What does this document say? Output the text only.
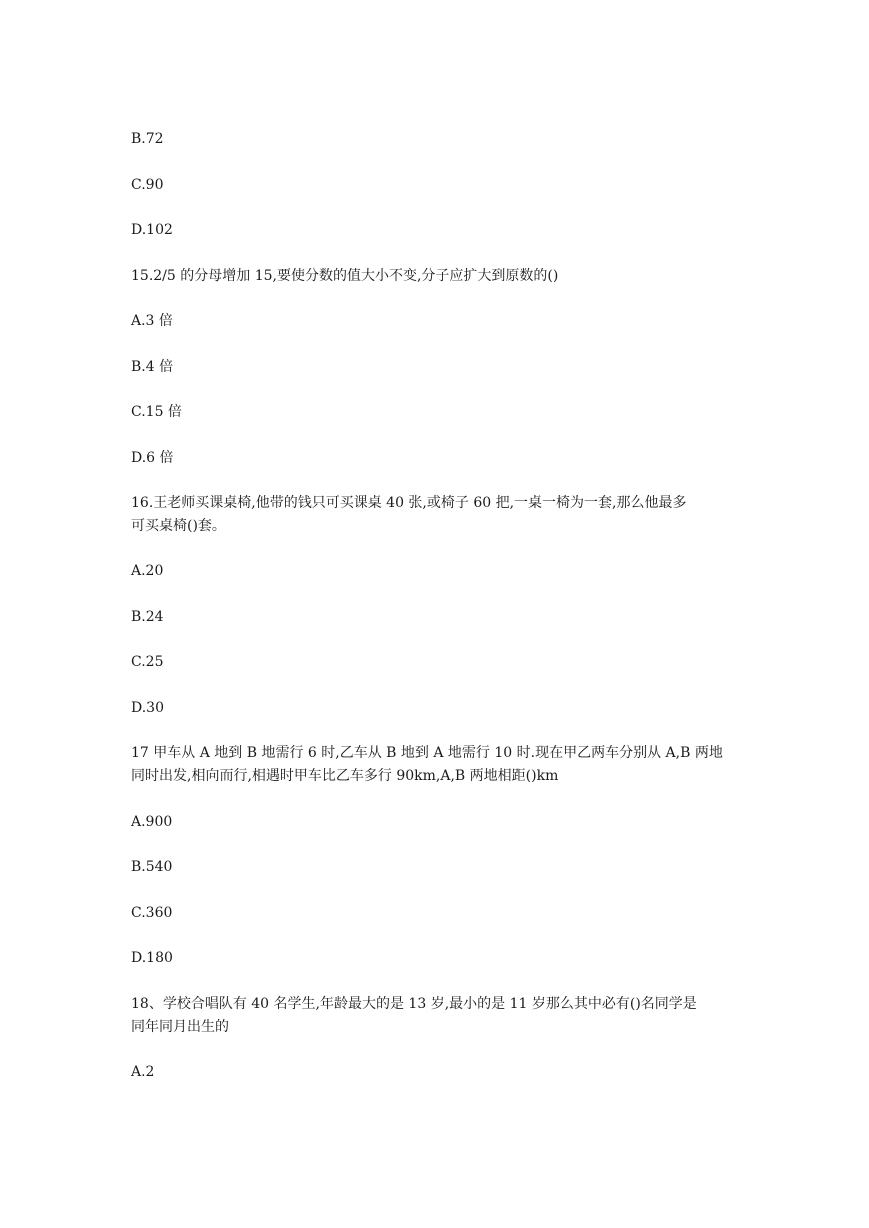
B.72
C.90
D.102
15.2/5 的分母增加 15,要使分数的值大小不变,分子应扩大到原数的()
A.3 倍
B.4 倍
C.15 倍
D.6 倍
16.王老师买课桌椅,他带的钱只可买课桌 40 张,或椅子 60 把,一桌一椅为一套,那么他最多
可买桌椅()套。
A.20
B.24
C.25
D.30
17 甲车从 A 地到 B 地需行 6 时,乙车从 B 地到 A 地需行 10 时.现在甲乙两车分别从 A,B 两地
同时出发,相向而行,相遇时甲车比乙车多行 90km,A,B 两地相距()km
A.900
B.540
C.360
D.180
18、学校合唱队有 40 名学生,年龄最大的是 13 岁,最小的是 11 岁那么其中必有()名同学是
同年同月出生的
A.2
